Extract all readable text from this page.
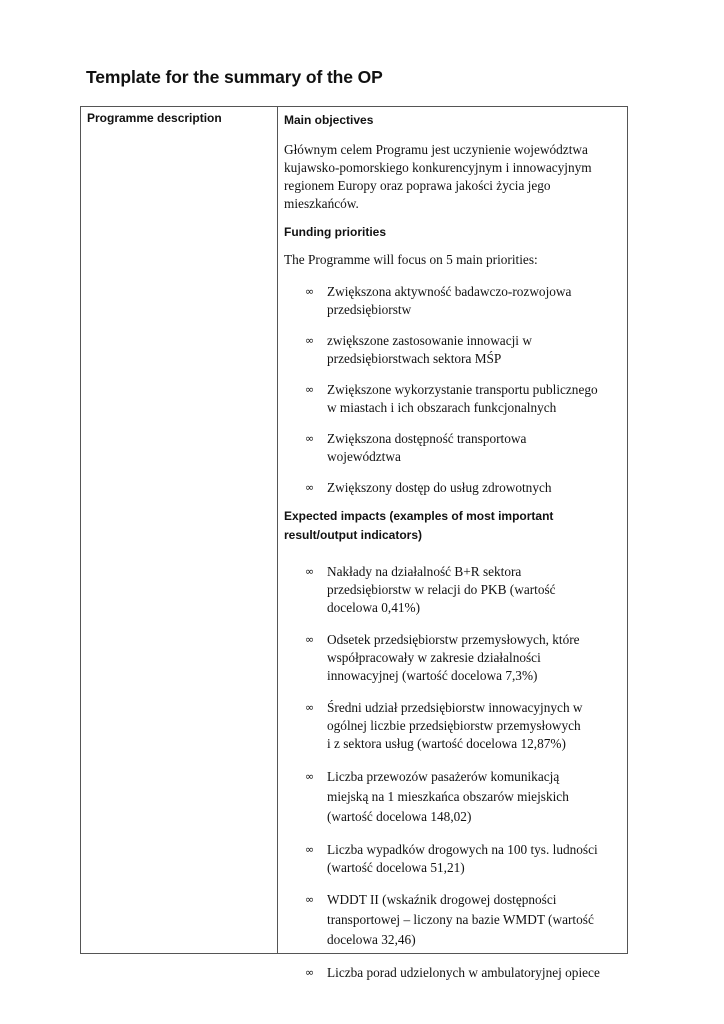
Template for the summary of the OP
Programme description	Main objectives
Głównym celem Programu jest uczynienie województwa
kujawsko-pomorskiego konkurencyjnym i innowacyjnym
regionem Europy oraz poprawa jakości życia jego
mieszkańców.
Funding priorities
The Programme will focus on 5 main priorities:
∞ Zwiększona aktywność badawczo-rozwojowa
przedsiębiorstw
∞ zwiększone zastosowanie innowacji w
przedsiębiorstwach sektora MŚP
∞ Zwiększone wykorzystanie transportu publicznego
w miastach i ich obszarach funkcjonalnych
∞ Zwiększona dostępność transportowa
województwa
∞ Zwiększony dostęp do usług zdrowotnych
Expected impacts (examples of most important
result/output indicators)
∞ Nakłady na działalność B+R sektora
przedsiębiorstw w relacji do PKB (wartość
docelowa 0,41%)
∞ Odsetek przedsiębiorstw przemysłowych, które
współpracowały w zakresie działalności
innowacyjnej (wartość docelowa 7,3%)
∞ Średni udział przedsiębiorstw innowacyjnych w
ogólnej liczbie przedsiębiorstw przemysłowych
i z sektora usług (wartość docelowa 12,87%)
∞ Liczba przewozów pasażerów komunikacją
miejską na 1 mieszkańca obszarów miejskich
(wartość docelowa 148,02)
∞ Liczba wypadków drogowych na 100 tys. ludności
(wartość docelowa 51,21)
∞ WDDT II (wskaźnik drogowej dostępności
transportowej – liczony na bazie WMDT (wartość
docelowa 32,46)
∞ Liczba porad udzielonych w ambulatoryjnej opiece
